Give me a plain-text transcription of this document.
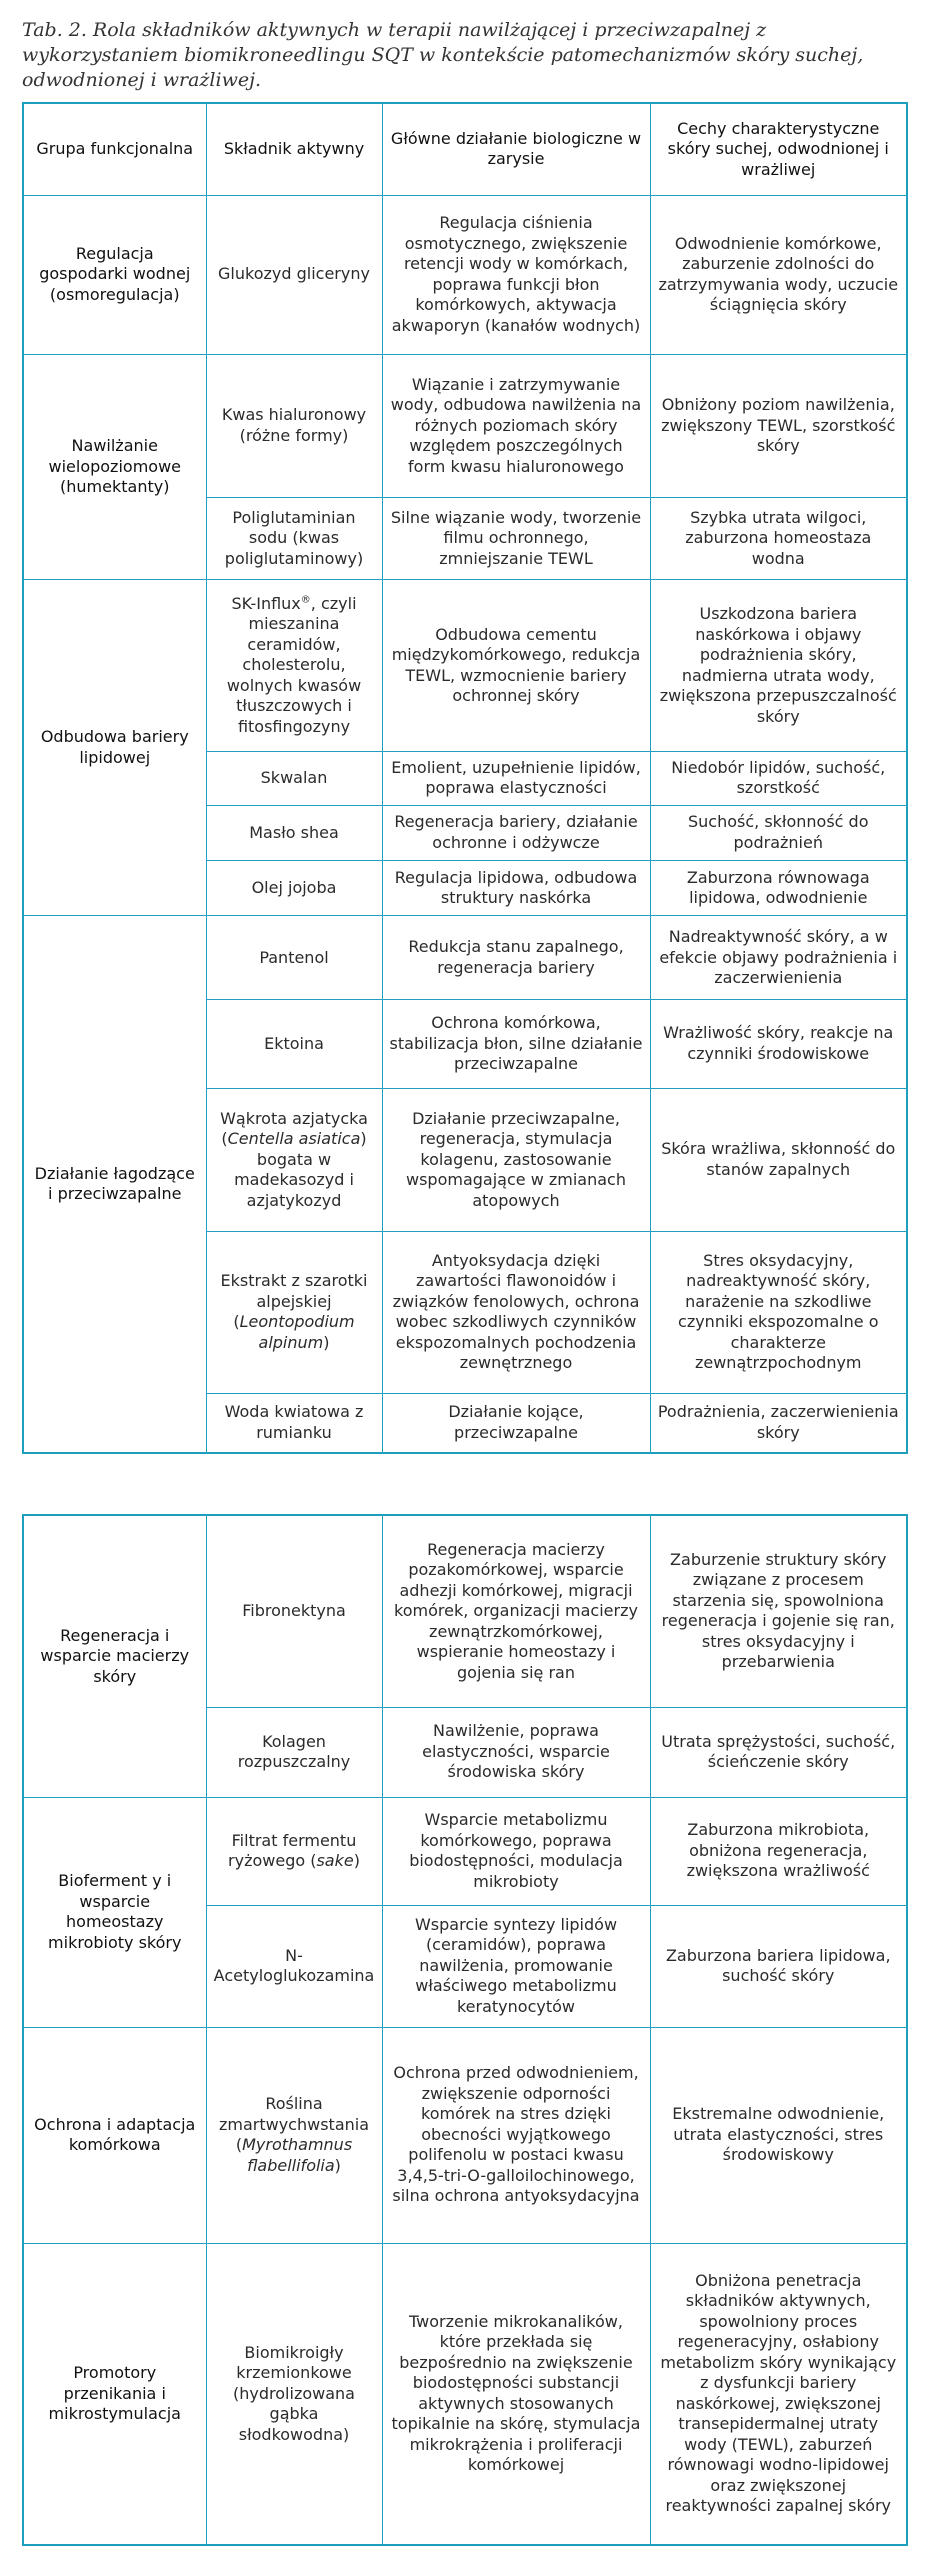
Tab. 2. Rola składników aktywnych w terapii nawilżającej i przeciwzapalnej z wykorzystaniem biomikroneedlingu SQT w kontekście patomechanizmów skóry suchej, odwodnionej i wrażliwej.
Grupa funkcjonalna	Składnik aktywny	Główne działanie biologiczne w zarysie	Cechy charakterystyczne skóry suchej, odwodnionej i wrażliwej
Regulacja gospodarki wodnej (osmoregulacja)	Glukozyd gliceryny	Regulacja ciśnienia osmotycznego, zwiększenie retencji wody w komórkach, poprawa funkcji błon komórkowych, aktywacja akwaporyn (kanałów wodnych)	Odwodnienie komórkowe, zaburzenie zdolności do zatrzymywania wody, uczucie ściągnięcia skóry
Nawilżanie wielopoziomowe (humektanty)	Kwas hialuronowy (różne formy)	Wiązanie i zatrzymywanie wody, odbudowa nawilżenia na różnych poziomach skóry względem poszczególnych form kwasu hialuronowego	Obniżony poziom nawilżenia, zwiększony TEWL, szorstkość skóry
	Poliglutaminian sodu (kwas poliglutaminowy)	Silne wiązanie wody, tworzenie filmu ochronnego, zmniejszanie TEWL	Szybka utrata wilgoci, zaburzona homeostaza wodna
Odbudowa bariery lipidowej	SK-Influx®, czyli mieszanina ceramidów, cholesterolu, wolnych kwasów tłuszczowych i fitosfingozyny	Odbudowa cementu międzykomórkowego, redukcja TEWL, wzmocnienie bariery ochronnej skóry	Uszkodzona bariera naskórkowa i objawy podrażnienia skóry, nadmierna utrata wody, zwiększona przepuszczalność skóry
	Skwalan	Emolient, uzupełnienie lipidów, poprawa elastyczności	Niedobór lipidów, suchość, szorstkość
	Masło shea	Regeneracja bariery, działanie ochronne i odżywcze	Suchość, skłonność do podrażnień
	Olej jojoba	Regulacja lipidowa, odbudowa struktury naskórka	Zaburzona równowaga lipidowa, odwodnienie
Działanie łagodzące i przeciwzapalne	Pantenol	Redukcja stanu zapalnego, regeneracja bariery	Nadreaktywność skóry, a w efekcie objawy podrażnienia i zaczerwienienia
	Ektoina	Ochrona komórkowa, stabilizacja błon, silne działanie przeciwzapalne	Wrażliwość skóry, reakcje na czynniki środowiskowe
	Wąkrota azjatycka (Centella asiatica) bogata w madekasozyd i azjatykozyd	Działanie przeciwzapalne, regeneracja, stymulacja kolagenu, zastosowanie wspomagające w zmianach atopowych	Skóra wrażliwa, skłonność do stanów zapalnych
	Ekstrakt z szarotki alpejskiej (Leontopodium alpinum)	Antyoksydacja dzięki zawartości flawonoidów i związków fenolowych, ochrona wobec szkodliwych czynników ekspozomalnych pochodzenia zewnętrznego	Stres oksydacyjny, nadreaktywność skóry, narażenie na szkodliwe czynniki ekspozomalne o charakterze zewnątrzpochodnym
	Woda kwiatowa z rumianku	Działanie kojące, przeciwzapalne	Podrażnienia, zaczerwienienia skóry
Regeneracja i wsparcie macierzy skóry	Fibronektyna	Regeneracja macierzy pozakomórkowej, wsparcie adhezji komórkowej, migracji komórek, organizacji macierzy zewnątrzkomórkowej, wspieranie homeostazy i gojenia się ran	Zaburzenie struktury skóry związane z procesem starzenia się, spowolniona regeneracja i gojenie się ran, stres oksydacyjny i przebarwienia
	Kolagen rozpuszczalny	Nawilżenie, poprawa elastyczności, wsparcie środowiska skóry	Utrata sprężystości, suchość, ścieńczenie skóry
Bioferment y i wsparcie homeostazy mikrobioty skóry	Filtrat fermentu ryżowego (sake)	Wsparcie metabolizmu komórkowego, poprawa biodostępności, modulacja mikrobioty	Zaburzona mikrobiota, obniżona regeneracja, zwiększona wrażliwość
	N-Acetyloglukozamina	Wsparcie syntezy lipidów (ceramidów), poprawa nawilżenia, promowanie właściwego metabolizmu keratynocytów	Zaburzona bariera lipidowa, suchość skóry
Ochrona i adaptacja komórkowa	Roślina zmartwychwstania (Myrothamnus flabellifolia)	Ochrona przed odwodnieniem, zwiększenie odporności komórek na stres dzięki obecności wyjątkowego polifenolu w postaci kwasu 3,4,5-tri-O-galloilochinowego, silna ochrona antyoksydacyjna	Ekstremalne odwodnienie, utrata elastyczności, stres środowiskowy
Promotory przenikania i mikrostymulacja	Biomikroigły krzemionkowe (hydrolizowana gąbka słodkowodna)	Tworzenie mikrokanalików, które przekłada się bezpośrednio na zwiększenie biodostępności substancji aktywnych stosowanych topikalnie na skórę, stymulacja mikrokrążenia i proliferacji komórkowej	Obniżona penetracja składników aktywnych, spowolniony proces regeneracyjny, osłabiony metabolizm skóry wynikający z dysfunkcji bariery naskórkowej, zwiększonej transepidermalnej utraty wody (TEWL), zaburzeń równowagi wodno-lipidowej oraz zwiększonej reaktywności zapalnej skóry
